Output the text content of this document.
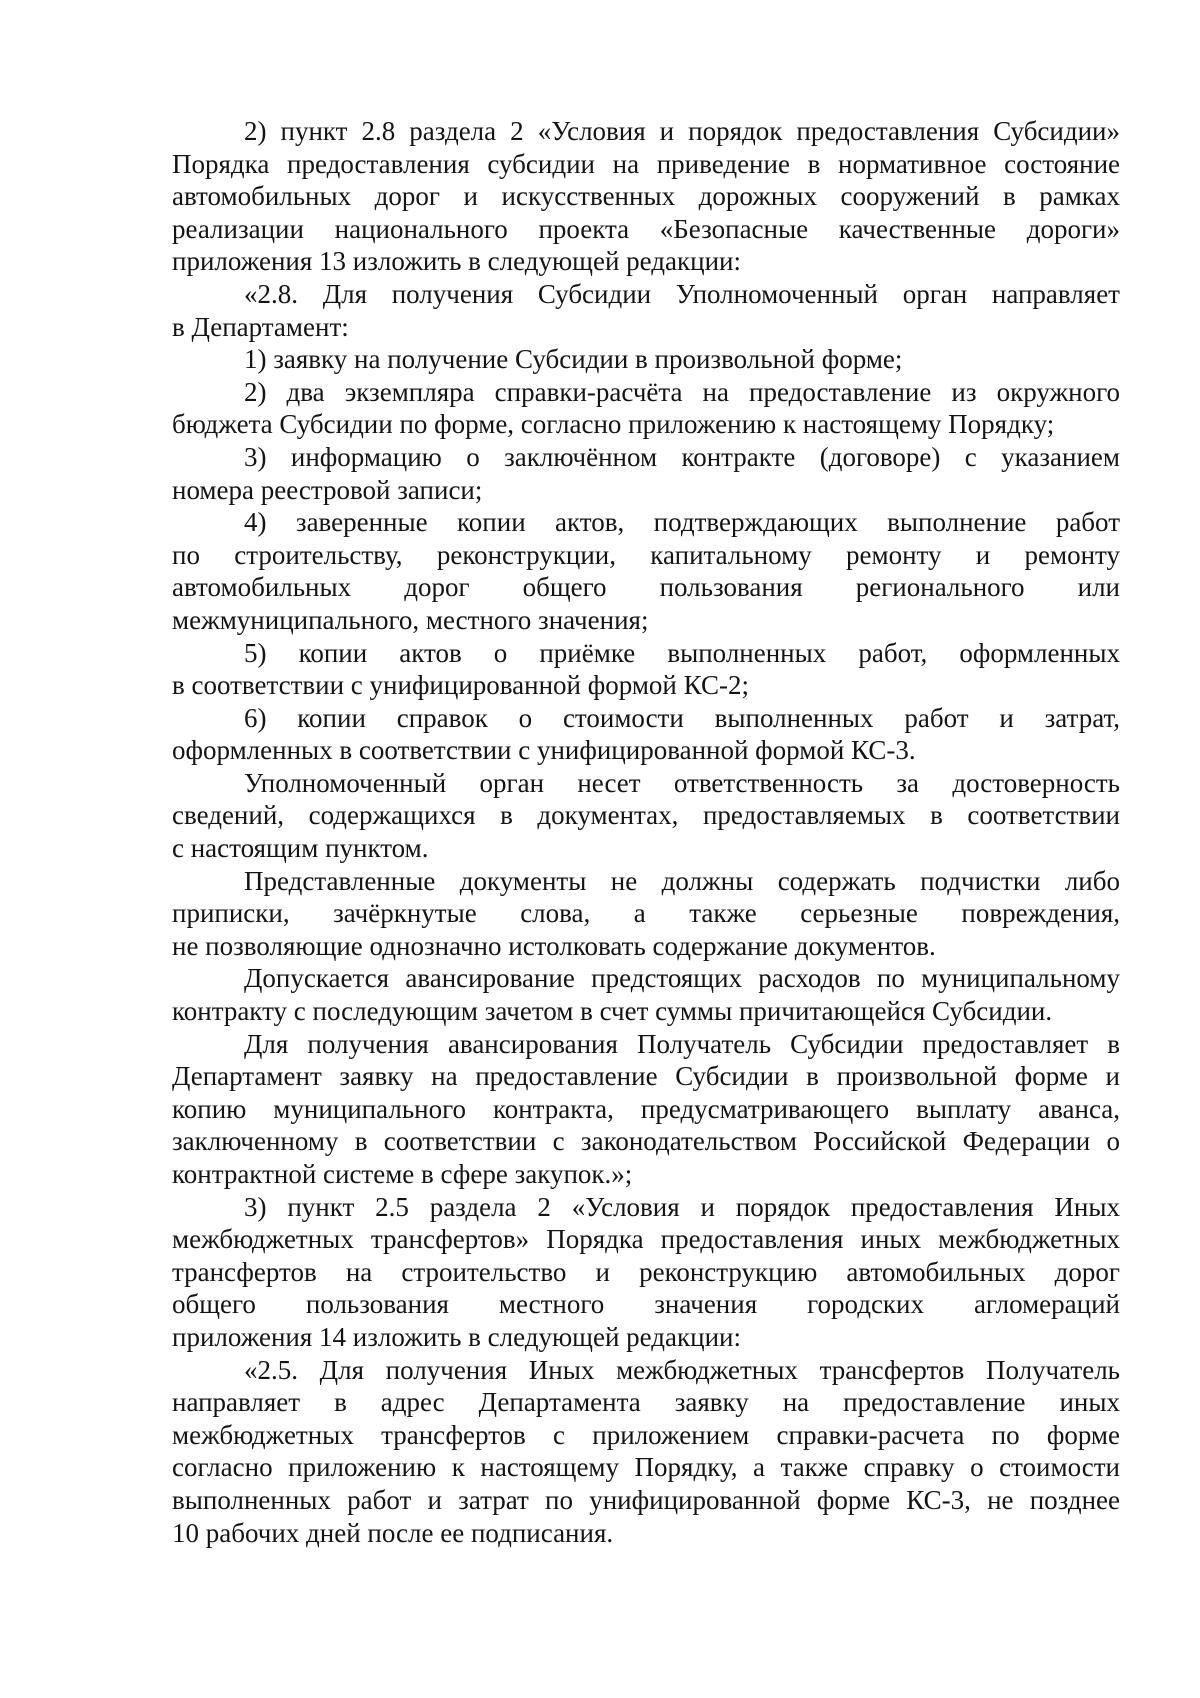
2) пункт 2.8 раздела 2 «Условия и порядок предоставления Субсидии»
Порядка предоставления субсидии на приведение в нормативное состояние
автомобильных дорог и искусственных дорожных сооружений в рамках
реализации национального проекта «Безопасные качественные дороги»
приложения 13 изложить в следующей редакции:
«2.8. Для получения Субсидии Уполномоченный орган направляет
в Департамент:
1) заявку на получение Субсидии в произвольной форме;
2) два экземпляра справки-расчёта на предоставление из окружного
бюджета Субсидии по форме, согласно приложению к настоящему Порядку;
3) информацию о заключённом контракте (договоре) с указанием
номера реестровой записи;
4) заверенные копии актов, подтверждающих выполнение работ
по строительству, реконструкции, капитальному ремонту и ремонту
автомобильных дорог общего пользования регионального или
межмуниципального, местного значения;
5) копии актов о приёмке выполненных работ, оформленных
в соответствии с унифицированной формой КС-2;
6) копии справок о стоимости выполненных работ и затрат,
оформленных в соответствии с унифицированной формой КС-3.
Уполномоченный орган несет ответственность за достоверность
сведений, содержащихся в документах, предоставляемых в соответствии
с настоящим пунктом.
Представленные документы не должны содержать подчистки либо
приписки, зачёркнутые слова, а также серьезные повреждения,
не позволяющие однозначно истолковать содержание документов.
Допускается авансирование предстоящих расходов по муниципальному
контракту с последующим зачетом в счет суммы причитающейся Субсидии.
Для получения авансирования Получатель Субсидии предоставляет в
Департамент заявку на предоставление Субсидии в произвольной форме и
копию муниципального контракта, предусматривающего выплату аванса,
заключенному в соответствии с законодательством Российской Федерации о
контрактной системе в сфере закупок.»;
3) пункт 2.5 раздела 2 «Условия и порядок предоставления Иных
межбюджетных трансфертов» Порядка предоставления иных межбюджетных
трансфертов на строительство и реконструкцию автомобильных дорог
общего пользования местного значения городских агломераций
приложения 14 изложить в следующей редакции:
«2.5. Для получения Иных межбюджетных трансфертов Получатель
направляет в адрес Департамента заявку на предоставление иных
межбюджетных трансфертов с приложением справки-расчета по форме
согласно приложению к настоящему Порядку, а также справку о стоимости
выполненных работ и затрат по унифицированной форме КС-3, не позднее
10 рабочих дней после ее подписания.
